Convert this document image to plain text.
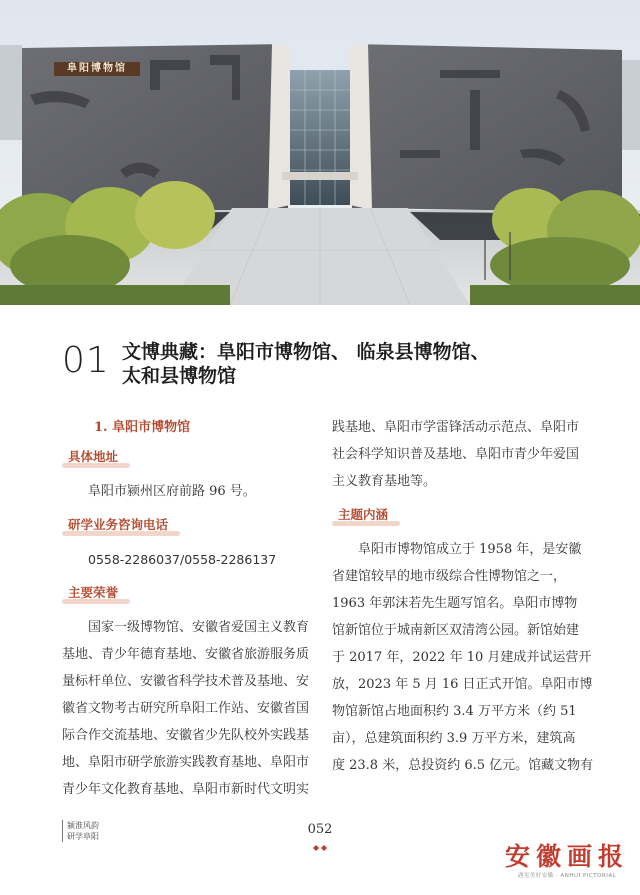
阜阳博物馆
01 文博典藏：阜阳市博物馆、 临泉县博物馆、
太和县博物馆
1. 阜阳市博物馆
具体地址
阜阳市颍州区府前路 96 号。
研学业务咨询电话
0558-2286037/0558-2286137
主要荣誉
国家一级博物馆、安徽省爱国主义教育
基地、青少年德育基地、安徽省旅游服务质
量标杆单位、安徽省科学技术普及基地、安
徽省文物考古研究所阜阳工作站、安徽省国
际合作交流基地、安徽省少先队校外实践基
地、阜阳市研学旅游实践教育基地、阜阳市
青少年文化教育基地、阜阳市新时代文明实
践基地、阜阳市学雷锋活动示范点、阜阳市
社会科学知识普及基地、阜阳市青少年爱国
主义教育基地等。
主题内涵
阜阳市博物馆成立于 1958 年，是安徽
省建馆较早的地市级综合性博物馆之一，
1963 年郭沫若先生题写馆名。阜阳市博物
馆新馆位于城南新区双清湾公园。新馆始建
于 2017 年，2022 年 10 月建成并试运营开
放，2023 年 5 月 16 日正式开馆。阜阳市博
物馆新馆占地面积约 3.4 万平方米（约 51
亩），总建筑面积约 3.9 万平方米，建筑高
度 23.8 米，总投资约 6.5 亿元。馆藏文物有
颍淮风韵
研学阜阳	052
安徽画报
遇见美好安徽 · ANHUI PICTORIAL
